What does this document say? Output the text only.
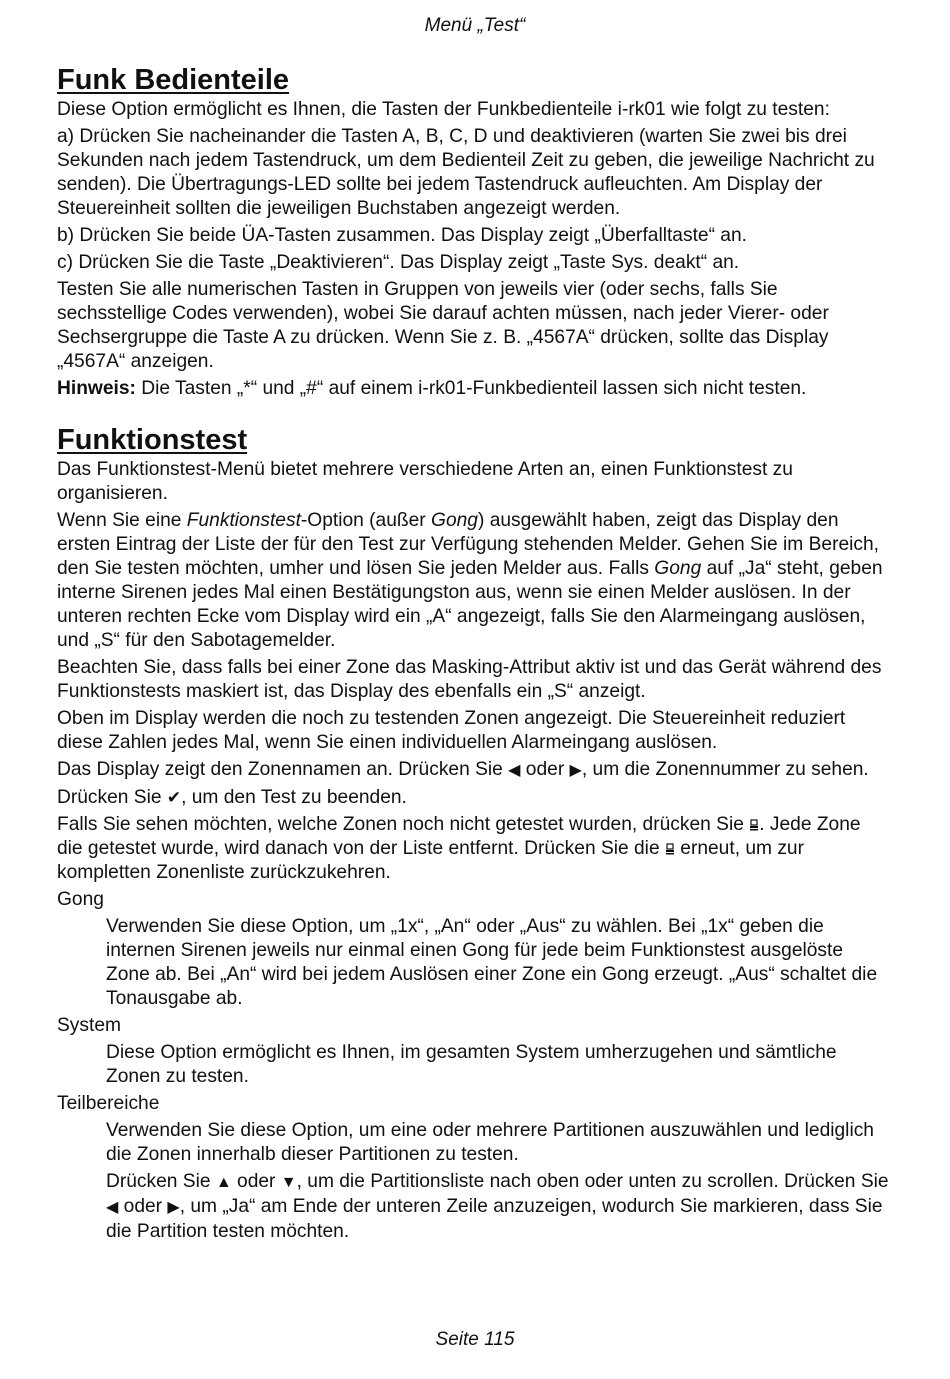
Menü „Test“
Funk Bedienteile

Diese Option ermöglicht es Ihnen, die Tasten der Funkbedienteile i-rk01 wie folgt zu testen:

a) Drücken Sie nacheinander die Tasten A, B, C, D und deaktivieren (warten Sie zwei bis drei Sekunden nach jedem Tastendruck, um dem Bedienteil Zeit zu geben, die jeweilige Nachricht zu senden). Die Übertragungs-LED sollte bei jedem Tastendruck aufleuchten. Am Display der Steuereinheit sollten die jeweiligen Buchstaben angezeigt werden.

b) Drücken Sie beide ÜA-Tasten zusammen. Das Display zeigt „Überfalltaste“ an.

c) Drücken Sie die Taste „Deaktivieren“. Das Display zeigt „Taste Sys. deakt“ an.

Testen Sie alle numerischen Tasten in Gruppen von jeweils vier (oder sechs, falls Sie sechsstellige Codes verwenden), wobei Sie darauf achten müssen, nach jeder Vierer- oder Sechsergruppe die Taste A zu drücken. Wenn Sie z. B. „4567A“ drücken, sollte das Display „4567A“ anzeigen.

Hinweis: Die Tasten „*“ und „#“ auf einem i-rk01-Funkbedienteil lassen sich nicht testen.

Funktionstest

Das Funktionstest-Menü bietet mehrere verschiedene Arten an, einen Funktionstest zu organisieren.

Wenn Sie eine Funktionstest-Option (außer Gong) ausgewählt haben, zeigt das Display den ersten Eintrag der Liste der für den Test zur Verfügung stehenden Melder. Gehen Sie im Bereich, den Sie testen möchten, umher und lösen Sie jeden Melder aus. Falls Gong auf „Ja“ steht, geben interne Sirenen jedes Mal einen Bestätigungston aus, wenn sie einen Melder auslösen. In der unteren rechten Ecke vom Display wird ein „A“ angezeigt, falls Sie den Alarmeingang auslösen, und „S“ für den Sabotagemelder.

Beachten Sie, dass falls bei einer Zone das Masking-Attribut aktiv ist und das Gerät während des Funktionstests maskiert ist, das Display des ebenfalls ein „S“ anzeigt.

Oben im Display werden die noch zu testenden Zonen angezeigt. Die Steuereinheit reduziert diese Zahlen jedes Mal, wenn Sie einen individuellen Alarmeingang auslösen.

Das Display zeigt den Zonennamen an. Drücken Sie ◀ oder ▶, um die Zonennummer zu sehen.

Drücken Sie ✔, um den Test zu beenden.

Falls Sie sehen möchten, welche Zonen noch nicht getestet wurden, drücken Sie
. Jede Zone die getestet wurde, wird danach von der Liste entfernt. Drücken Sie die
erneut, um zur kompletten Zonenliste zurückzukehren.

Gong

Verwenden Sie diese Option, um „1x“, „An“ oder „Aus“ zu wählen. Bei „1x“ geben die internen Sirenen jeweils nur einmal einen Gong für jede beim Funktionstest ausgelöste Zone ab. Bei „An“ wird bei jedem Auslösen einer Zone ein Gong erzeugt. „Aus“ schaltet die Tonausgabe ab.

System

Diese Option ermöglicht es Ihnen, im gesamten System umherzugehen und sämtliche Zonen zu testen.

Teilbereiche

Verwenden Sie diese Option, um eine oder mehrere Partitionen auszuwählen und lediglich die Zonen innerhalb dieser Partitionen zu testen.

Drücken Sie ▲ oder ▼, um die Partitionsliste nach oben oder unten zu scrollen. Drücken Sie ◀ oder ▶, um „Ja“ am Ende der unteren Zeile anzuzeigen, wodurch Sie markieren, dass Sie die Partition testen möchten.

Seite 115
